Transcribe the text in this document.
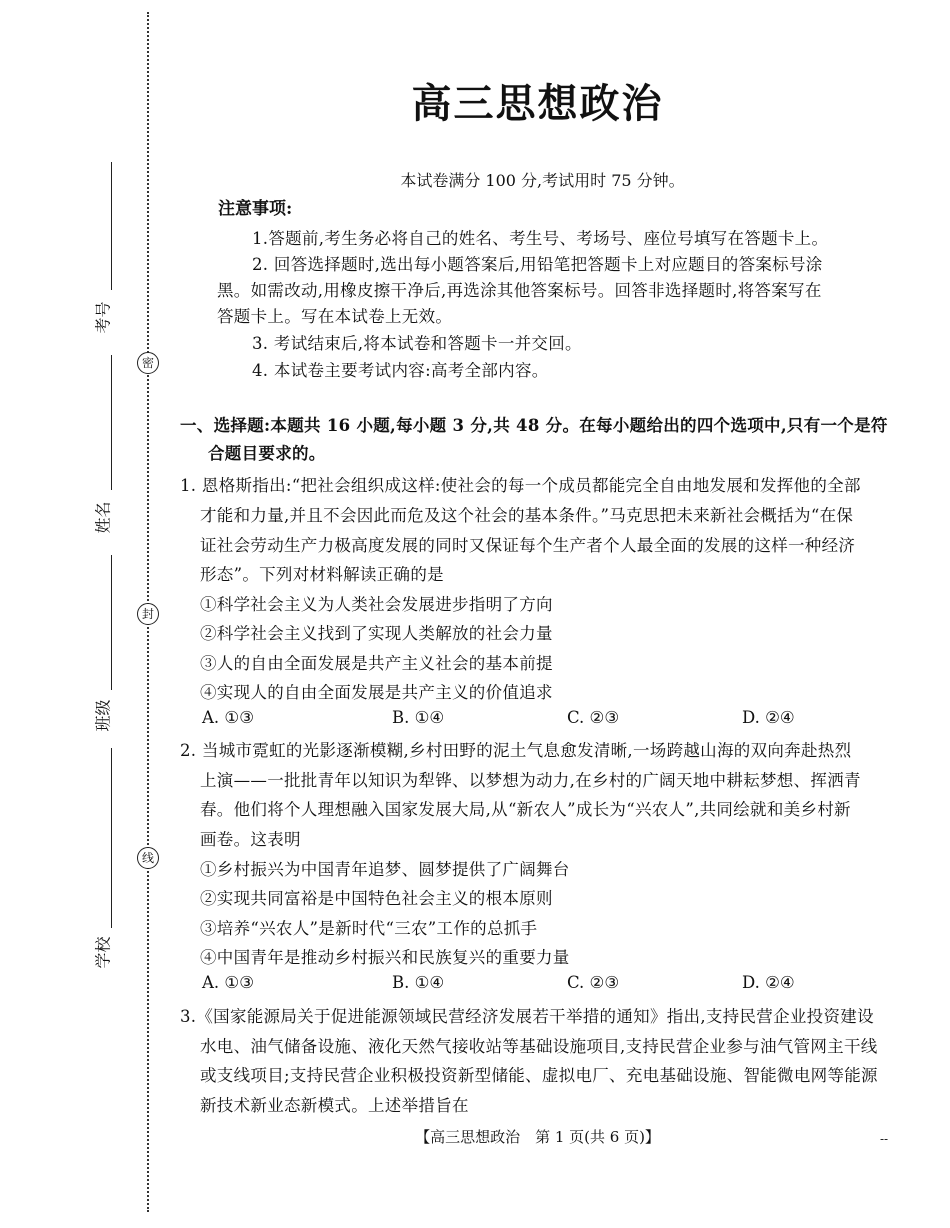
考号
姓名
班级
学校
密
封
线
高三思想政治
本试卷满分 100 分,考试用时 75 分钟。
注意事项:
1.答题前,考生务必将自己的姓名、考生号、考场号、座位号填写在答题卡上。
2. 回答选择题时,选出每小题答案后,用铅笔把答题卡上对应题目的答案标号涂
黑。如需改动,用橡皮擦干净后,再选涂其他答案标号。回答非选择题时,将答案写在
答题卡上。写在本试卷上无效。
3. 考试结束后,将本试卷和答题卡一并交回。
4. 本试卷主要考试内容:高考全部内容。
一、选择题:本题共 16 小题,每小题 3 分,共 48 分。在每小题给出的四个选项中,只有一个是符
合题目要求的。
1. 恩格斯指出:“把社会组织成这样:使社会的每一个成员都能完全自由地发展和发挥他的全部
才能和力量,并且不会因此而危及这个社会的基本条件。”马克思把未来新社会概括为“在保
证社会劳动生产力极高度发展的同时又保证每个生产者个人最全面的发展的这样一种经济
形态”。下列对材料解读正确的是
①科学社会主义为人类社会发展进步指明了方向
②科学社会主义找到了实现人类解放的社会力量
③人的自由全面发展是共产主义社会的基本前提
④实现人的自由全面发展是共产主义的价值追求
A. ①③	B. ①④	C. ②③	D. ②④
2. 当城市霓虹的光影逐渐模糊,乡村田野的泥土气息愈发清晰,一场跨越山海的双向奔赴热烈
上演——一批批青年以知识为犁铧、以梦想为动力,在乡村的广阔天地中耕耘梦想、挥洒青
春。他们将个人理想融入国家发展大局,从“新农人”成长为“兴农人”,共同绘就和美乡村新
画卷。这表明
①乡村振兴为中国青年追梦、圆梦提供了广阔舞台
②实现共同富裕是中国特色社会主义的根本原则
③培养“兴农人”是新时代“三农”工作的总抓手
④中国青年是推动乡村振兴和民族复兴的重要力量
A. ①③	B. ①④	C. ②③	D. ②④
3.《国家能源局关于促进能源领域民营经济发展若干举措的通知》指出,支持民营企业投资建设
水电、油气储备设施、液化天然气接收站等基础设施项目,支持民营企业参与油气管网主干线
或支线项目;支持民营企业积极投资新型储能、虚拟电厂、充电基础设施、智能微电网等能源
新技术新业态新模式。上述举措旨在
【高三思想政治　第 1 页(共 6 页)】	--
